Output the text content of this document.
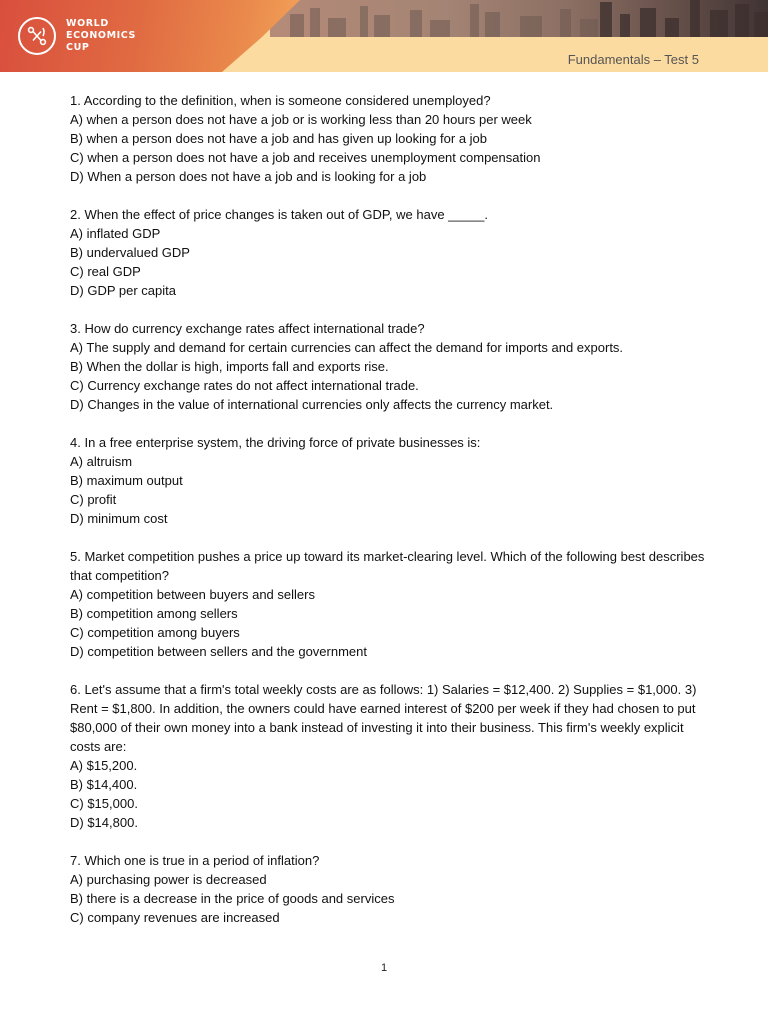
WORLD
ECONOMICS
CUP
Fundamentals – Test 5

1. According to the definition, when is someone considered unemployed?

A) when a person does not have a job or is working less than 20 hours per week

B) when a person does not have a job and has given up looking for a job

C) when a person does not have a job and receives unemployment compensation

D) When a person does not have a job and is looking for a job

2. When the effect of price changes is taken out of GDP, we have _____.

A) inflated GDP

B) undervalued GDP

C) real GDP

D) GDP per capita

3. How do currency exchange rates affect international trade?

A) The supply and demand for certain currencies can affect the demand for imports and exports.

B) When the dollar is high, imports fall and exports rise.

C) Currency exchange rates do not affect international trade.

D) Changes in the value of international currencies only affects the currency market.

4. In a free enterprise system, the driving force of private businesses is:

A) altruism

B) maximum output

C) profit

D) minimum cost

5. Market competition pushes a price up toward its market-clearing level. Which of the following best describes that competition?

A) competition between buyers and sellers

B) competition among sellers

C) competition among buyers

D) competition between sellers and the government

6. Let's assume that a firm's total weekly costs are as follows: 1) Salaries = $12,400. 2) Supplies = $1,000. 3) Rent = $1,800. In addition, the owners could have earned interest of $200 per week if they had chosen to put $80,000 of their own money into a bank instead of investing it into their business. This firm's weekly explicit costs are:

A) $15,200.

B) $14,400.

C) $15,000.

D) $14,800.

7. Which one is true in a period of inflation?

A) purchasing power is decreased

B) there is a decrease in the price of goods and services

C) company revenues are increased

1
